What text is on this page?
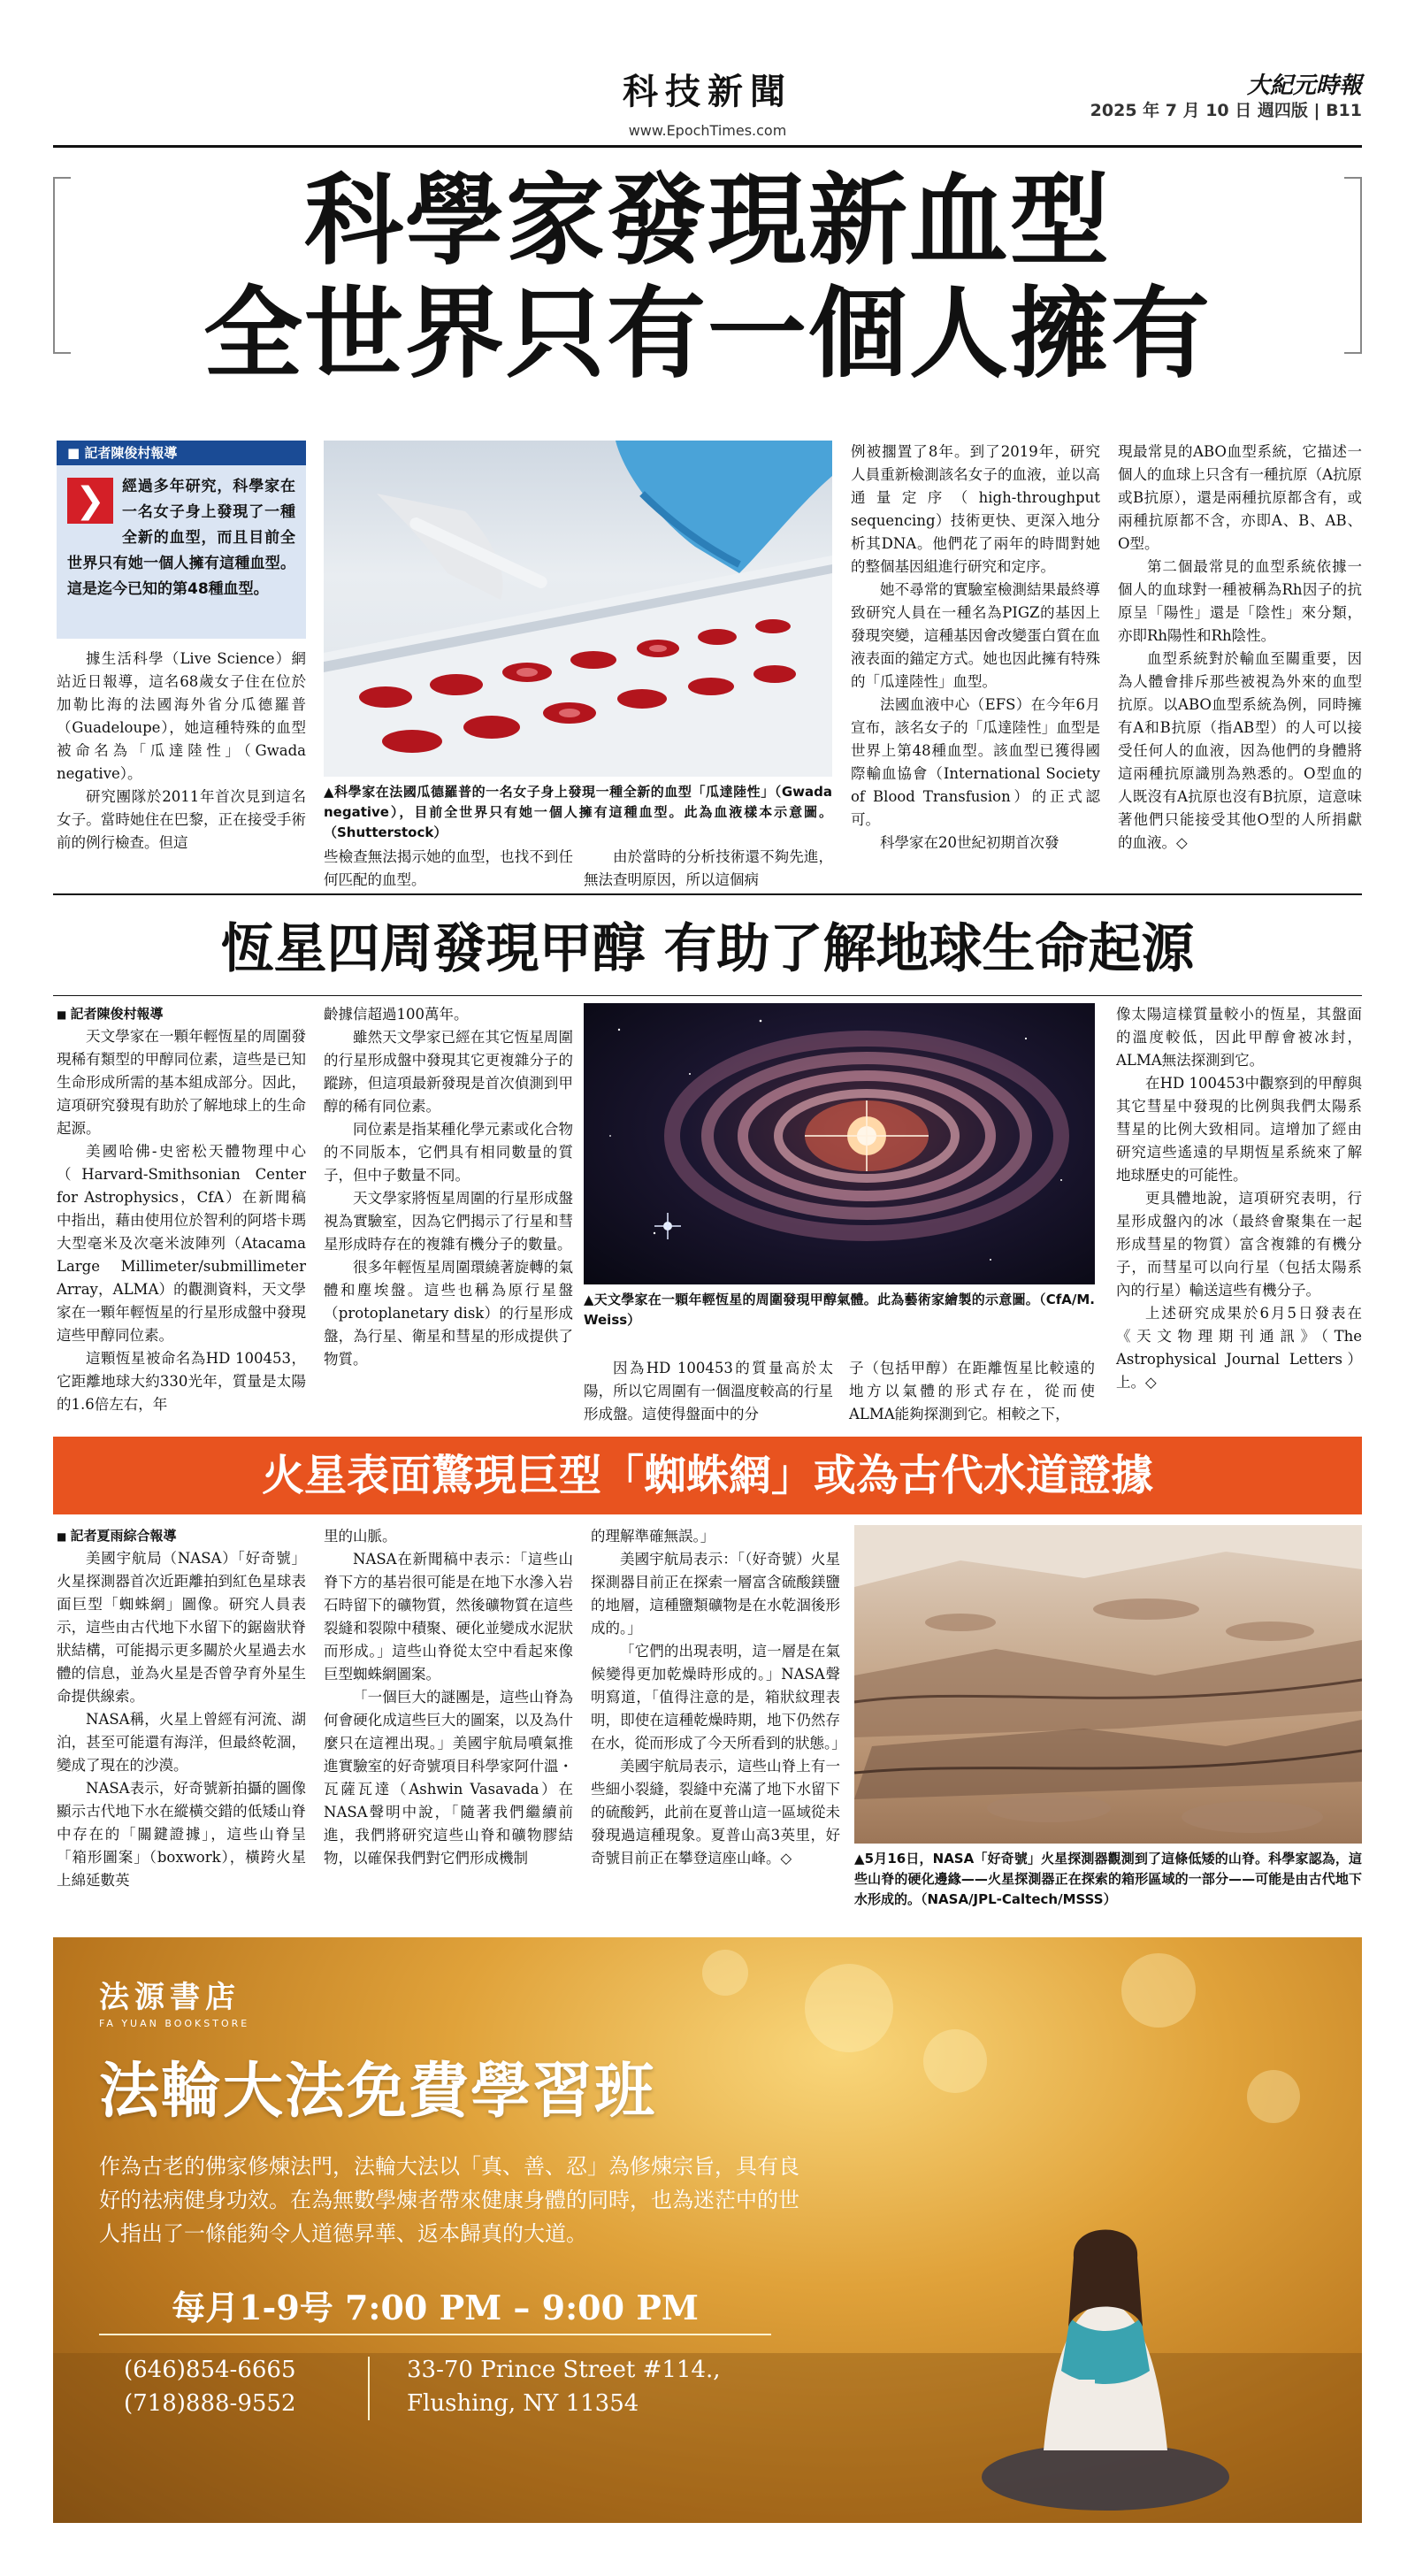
科技新聞
www.EpochTimes.com
大紀元時報
2025 年 7 月 10 日 週四版 | B11
科學家發現新血型
全世界只有一個人擁有
■ 記者陳俊村報導
❯	經過多年研究，科學家在一名女子身上發現了一種全新的血型，而且目前全世界只有她一個人擁有這種血型。這是迄今已知的第48種血型。
▲ 科學家在法國瓜德羅普的一名女子身上發現一種全新的血型「瓜達陸性」（Gwada negative），目前全世界只有她一個人擁有這種血型。此為血液樣本示意圖。（Shutterstock）

據生活科學（Live Science）網站近日報導，這名68歲女子住在位於加勒比海的法國海外省分瓜德羅普（Guadeloupe），她這種特殊的血型被命名為「瓜達陸性」（Gwada negative）。

研究團隊於2011年首次見到這名女子。當時她住在巴黎，正在接受手術前的例行檢查。但這

些檢查無法揭示她的血型，也找不到任何匹配的血型。

由於當時的分析技術還不夠先進，無法查明原因，所以這個病

例被擱置了8年。到了2019年，研究人員重新檢測該名女子的血液，並以高通量定序（high-throughput sequencing）技術更快、更深入地分析其DNA。他們花了兩年的時間對她的整個基因組進行研究和定序。

她不尋常的實驗室檢測結果最終導致研究人員在一種名為PIGZ的基因上發現突變，這種基因會改變蛋白質在血液表面的錨定方式。她也因此擁有特殊的「瓜達陸性」血型。

法國血液中心（EFS）在今年6月宣布，該名女子的「瓜達陸性」血型是世界上第48種血型。該血型已獲得國際輸血協會（International Society of Blood Transfusion）的正式認可。

科學家在20世紀初期首次發

現最常見的ABO血型系統，它描述一個人的血球上只含有一種抗原（A抗原或B抗原），還是兩種抗原都含有，或兩種抗原都不含，亦即A、B、AB、O型。

第二個最常見的血型系統依據一個人的血球對一種被稱為Rh因子的抗原呈「陽性」還是「陰性」來分類，亦即Rh陽性和Rh陰性。

血型系統對於輸血至關重要，因為人體會排斥那些被視為外來的血型抗原。以ABO血型系統為例，同時擁有A和B抗原（指AB型）的人可以接受任何人的血液，因為他們的身體將這兩種抗原識別為熟悉的。O型血的人既沒有A抗原也沒有B抗原，這意味著他們只能接受其他O型的人所捐獻的血液。◇

恆星四周發現甲醇 有助了解地球生命起源
■ 記者陳俊村報導

天文學家在一顆年輕恆星的周圍發現稀有類型的甲醇同位素，這些是已知生命形成所需的基本組成部分。因此，這項研究發現有助於了解地球上的生命起源。

美國哈佛-史密松天體物理中心（Harvard-Smithsonian Center for Astrophysics，CfA）在新聞稿中指出，藉由使用位於智利的阿塔卡瑪大型毫米及次毫米波陣列（Atacama Large Millimeter/submillimeter Array，ALMA）的觀測資料，天文學家在一顆年輕恆星的行星形成盤中發現這些甲醇同位素。

這顆恆星被命名為HD 100453，它距離地球大約330光年，質量是太陽的1.6倍左右，年

齡據信超過100萬年。

雖然天文學家已經在其它恆星周圍的行星形成盤中發現其它更複雜分子的蹤跡，但這項最新發現是首次偵測到甲醇的稀有同位素。

同位素是指某種化學元素或化合物的不同版本，它們具有相同數量的質子，但中子數量不同。

天文學家將恆星周圍的行星形成盤視為實驗室，因為它們揭示了行星和彗星形成時存在的複雜有機分子的數量。

很多年輕恆星周圍環繞著旋轉的氣體和塵埃盤。這些也稱為原行星盤（protoplanetary disk）的行星形成盤，為行星、衛星和彗星的形成提供了物質。

▲ 天文學家在一顆年輕恆星的周圍發現甲醇氣體。此為藝術家繪製的示意圖。（CfA/M. Weiss）

因為HD 100453的質量高於太陽，所以它周圍有一個溫度較高的行星形成盤。這使得盤面中的分

子（包括甲醇）在距離恆星比較遠的地方以氣體的形式存在，從而使ALMA能夠探測到它。相較之下，

像太陽這樣質量較小的恆星，其盤面的溫度較低，因此甲醇會被冰封，ALMA無法探測到它。

在HD 100453中觀察到的甲醇與其它彗星中發現的比例與我們太陽系彗星的比例大致相同。這增加了經由研究這些遙遠的早期恆星系統來了解地球歷史的可能性。

更具體地說，這項研究表明，行星形成盤內的冰（最終會聚集在一起形成彗星的物質）富含複雜的有機分子，而彗星可以向行星（包括太陽系內的行星）輸送這些有機分子。

上述研究成果於6月5日發表在《天文物理期刊通訊》（The Astrophysical Journal Letters）上。◇

火星表面驚現巨型「蜘蛛網」或為古代水道證據
■ 記者夏雨綜合報導

美國宇航局（NASA）「好奇號」火星探測器首次近距離拍到紅色星球表面巨型「蜘蛛網」圖像。研究人員表示，這些由古代地下水留下的鋸齒狀脊狀結構，可能揭示更多關於火星過去水體的信息，並為火星是否曾孕育外星生命提供線索。

NASA稱，火星上曾經有河流、湖泊，甚至可能還有海洋，但最終乾涸，變成了現在的沙漠。

NASA表示，好奇號新拍攝的圖像顯示古代地下水在縱橫交錯的低矮山脊中存在的「關鍵證據」，這些山脊呈「箱形圖案」（boxwork），橫跨火星上綿延數英

里的山脈。

NASA在新聞稿中表示：「這些山脊下方的基岩很可能是在地下水滲入岩石時留下的礦物質，然後礦物質在這些裂縫和裂隙中積聚、硬化並變成水泥狀而形成。」這些山脊從太空中看起來像巨型蜘蛛網圖案。

「一個巨大的謎團是，這些山脊為何會硬化成這些巨大的圖案，以及為什麼只在這裡出現。」美國宇航局噴氣推進實驗室的好奇號項目科學家阿什溫・瓦薩瓦達（Ashwin Vasavada）在NASA聲明中說，「隨著我們繼續前進，我們將研究這些山脊和礦物膠結物，以確保我們對它們形成機制

的理解準確無誤。」

美國宇航局表示：「（好奇號）火星探測器目前正在探索一層富含硫酸鎂鹽的地層，這種鹽類礦物是在水乾涸後形成的。」

「它們的出現表明，這一層是在氣候變得更加乾燥時形成的。」NASA聲明寫道，「值得注意的是，箱狀紋理表明，即使在這種乾燥時期，地下仍然存在水，從而形成了今天所看到的狀態。」

美國宇航局表示，這些山脊上有一些細小裂縫，裂縫中充滿了地下水留下的硫酸鈣，此前在夏普山這一區域從未發現過這種現象。夏普山高3英里，好奇號目前正在攀登這座山峰。◇

▲	5月16日，NASA「好奇號」火星探測器觀測到了這條低矮的山脊。科學家認為，這些山脊的硬化邊緣——火星探測器正在探索的箱形區域的一部分——可能是由古代地下水形成的。（NASA/JPL-Caltech/MSSS）
法源書店
FA YUAN BOOKSTORE
法輪大法免費學習班
作為古老的佛家修煉法門，法輪大法以「真、善、忍」為修煉宗旨，具有良好的祛病健身功效。在為無數學煉者帶來健康身體的同時，也為迷茫中的世人指出了一條能夠令人道德昇華、返本歸真的大道。
每月1-9号 7:00 PM – 9:00 PM
(646)854-6665
(718)888-9552
33-70 Prince Street #114.,
Flushing, NY 11354
